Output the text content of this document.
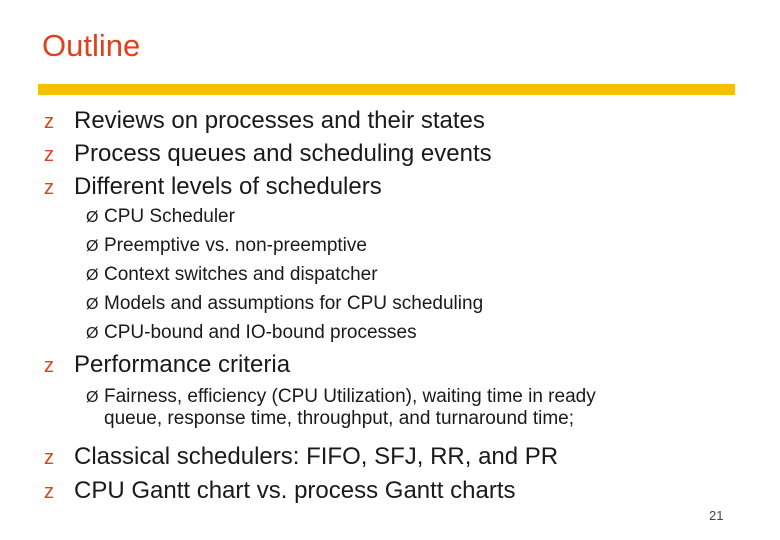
Outline
z Reviews on processes and their states
z Process queues and scheduling events
z Different levels of schedulers
Ø CPU Scheduler
Ø Preemptive vs. non-preemptive
Ø Context switches and dispatcher
Ø Models and assumptions for CPU scheduling
Ø CPU-bound and IO-bound processes
z Performance criteria
Ø Fairness, efficiency (CPU Utilization), waiting time in ready
queue, response time, throughput, and turnaround time;
z Classical schedulers: FIFO, SFJ, RR, and PR
z CPU Gantt chart vs. process Gantt charts
21
